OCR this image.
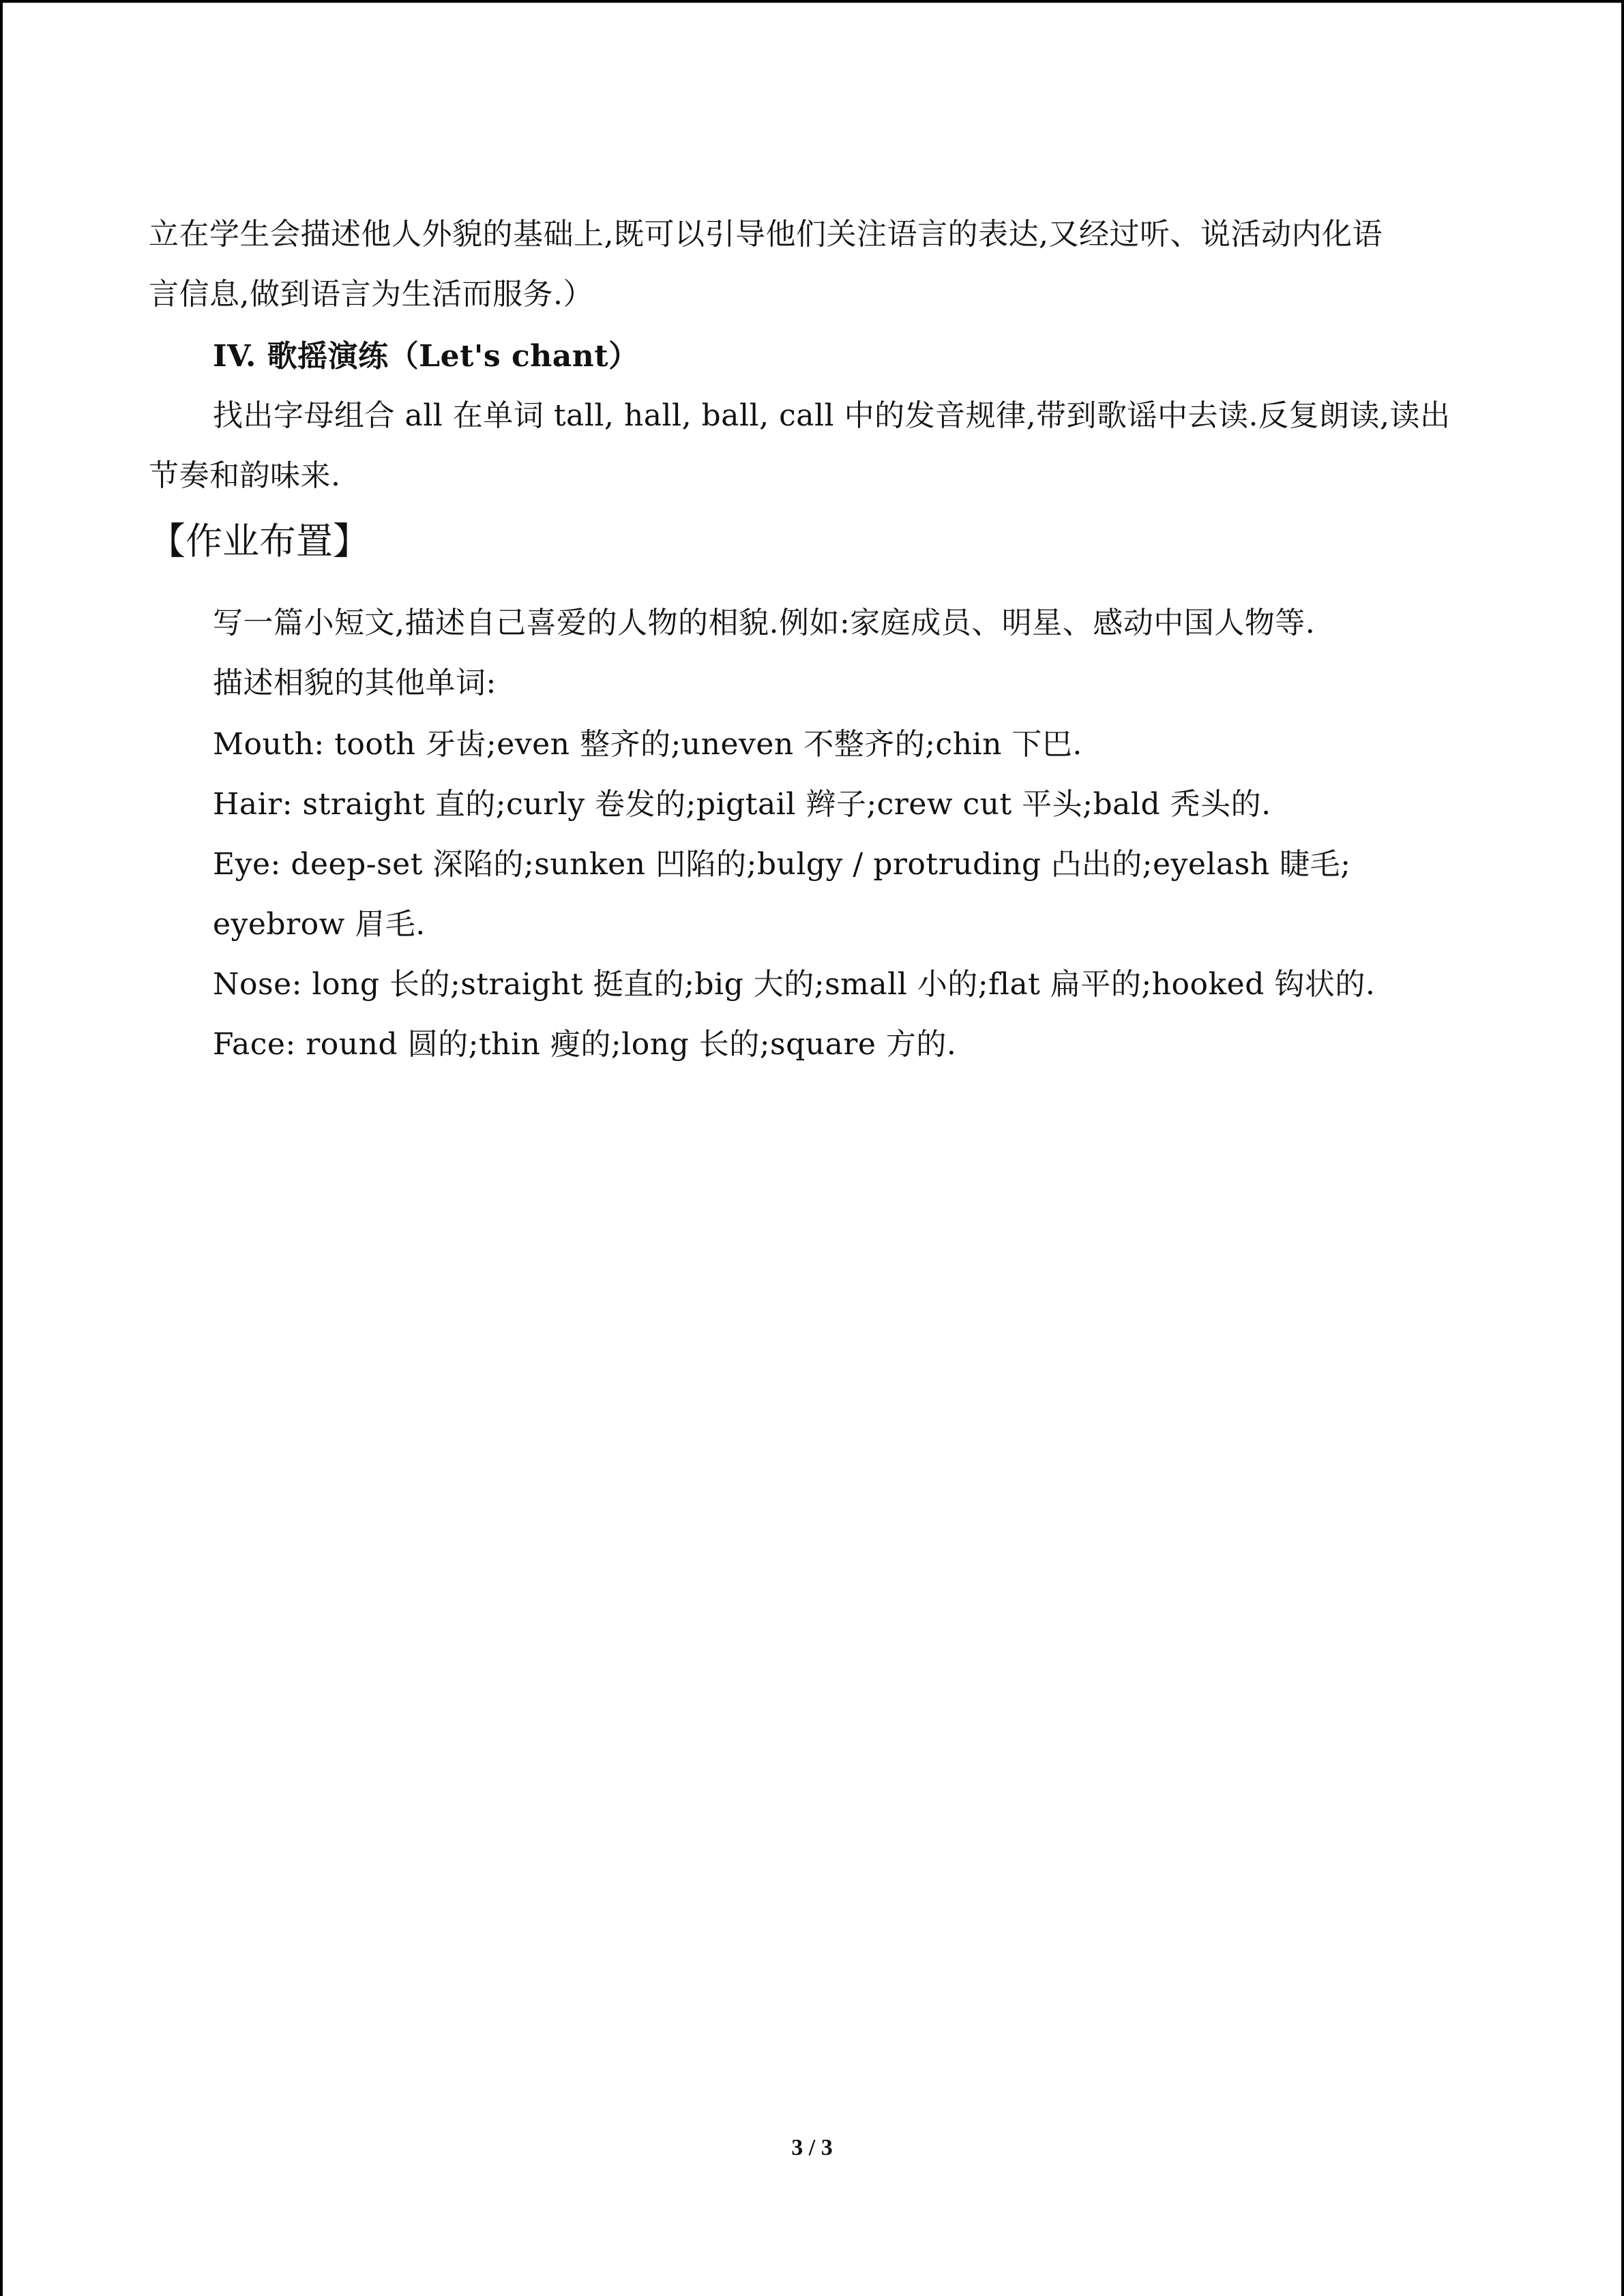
立在学生会描述他人外貌的基础上,既可以引导他们关注语言的表达,又经过听、说活动内化语

言信息,做到语言为生活而服务.）

IV. 歌摇演练（Let's chant）

找出字母组合 all 在单词 tall, hall, ball, call 中的发音规律,带到歌谣中去读.反复朗读,读出

节奏和韵味来.

【作业布置】

写一篇小短文,描述自己喜爱的人物的相貌.例如:家庭成员、明星、感动中国人物等.

描述相貌的其他单词:

Mouth: tooth 牙齿;even 整齐的;uneven 不整齐的;chin 下巴.

Hair: straight 直的;curly 卷发的;pigtail 辫子;crew cut 平头;bald 秃头的.

Eye: deep-set 深陷的;sunken 凹陷的;bulgy / protruding 凸出的;eyelash 睫毛;

eyebrow 眉毛.

Nose: long 长的;straight 挺直的;big 大的;small 小的;flat 扁平的;hooked 钩状的.

Face: round 圆的;thin 瘦的;long 长的;square 方的.

3 / 3
